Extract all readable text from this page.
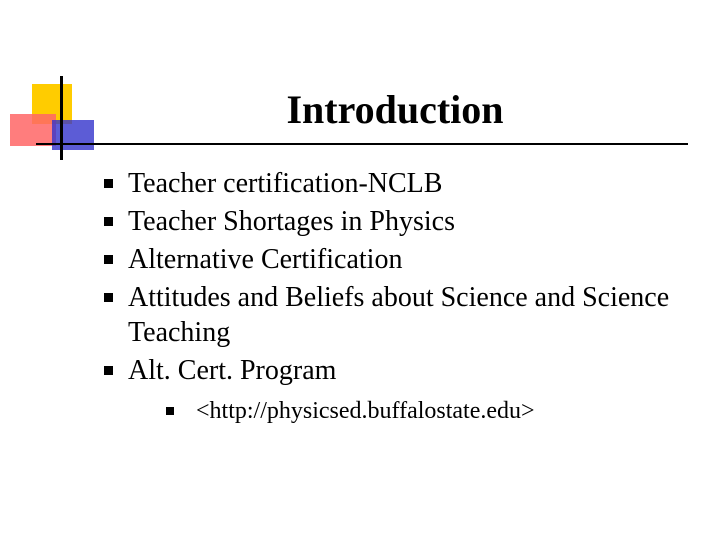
Introduction
Teacher certification-NCLB
Teacher Shortages in Physics
Alternative Certification
Attitudes and Beliefs about Science and Science Teaching
Alt. Cert. Program
<http://physicsed.buffalostate.edu>
